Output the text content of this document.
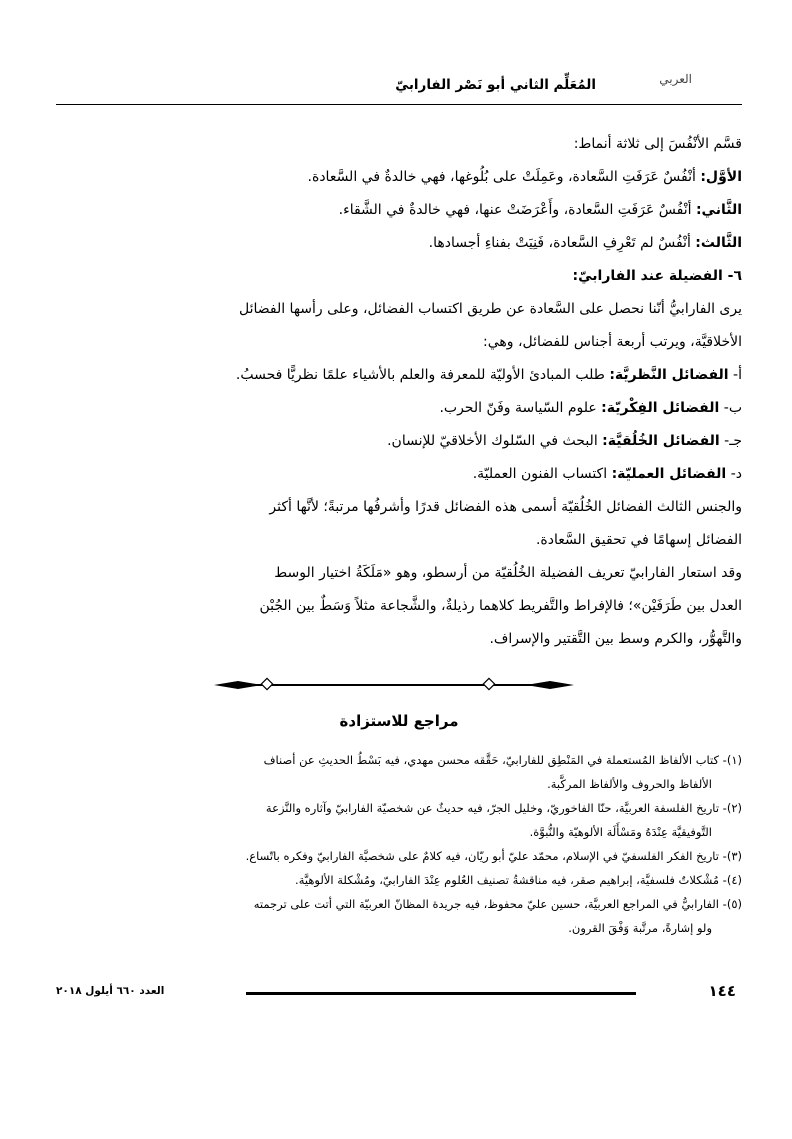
العربي
المُعَلِّم الثاني أبو نَصْر الفارابيّ

قسَّم الأنْفُسَ إلى ثلاثة أنماط:

الأوَّل: أنْفُسٌ عَرَفَتِ السَّعادة، وعَمِلَتْ على بُلُوغها، فهي خالدةٌ في السَّعادة.

الثَّاني: أنْفُسٌ عَرَفَتِ السَّعادة، وأَعْرَضَتْ عنها، فهي خالدةٌ في الشَّقاء.

الثَّالث: أنْفُسٌ لم تَعْرِفِ السَّعادة، فَنِيَتْ بفناءِ أجسادها.

٦- الفضيلة عند الفارابيّ:

يرى الفارابيُّ أنّنا نحصل على السَّعادة عن طريق اكتساب الفضائل، وعلى رأسها الفضائل

الأخلاقيَّة، ويرتب أربعة أجناس للفضائل، وهي:

أ- الفضائل النَّظريَّة: طلب المبادئ الأوليّة للمعرفة والعلم بالأشياء علمًا نظريًّا فحسبُ.

ب- الفضائل الفِكْريّة: علوم السّياسة وفَنّ الحرب.

جـ- الفضائل الخُلُقيَّة: البحث في السّلوك الأخلاقيّ للإنسان.

د- الفضائل العمليّة: اكتساب الفنون العمليّة.

والجنس الثالث الفضائل الخُلُقيّة أسمى هذه الفضائل قدرًا وأشرفُها مرتبةً؛ لأنَّها أكثر

الفضائل إسهامًا في تحقيق السَّعادة.

وقد استعار الفارابيّ تعريف الفضيلة الخُلُقيّة من أرسطو، وهو «مَلَكَةُ اختيار الوسط

العدل بين طَرَفَيْن»؛ فالإفراط والتَّفريط كلاهما رذيلةٌ، والشَّجاعة مثلاً وَسَطٌ بين الجُبْن

والتَّهوُّر، والكرم وسط بين التَّقتير والإسراف.

مراجع للاستزادة
(١)- كتاب الألفاظ المُستعملة في المَنْطِق للفارابيّ، حَقَّقه محسن مهدي، فيه بَسْطُ الحديثِ عن أصناف
الألفاظ والحروف والألفاظ المركَّبة.
(٢)- تاريخ الفلسفة العربيَّة، حنّا الفاخوريّ، وخليل الجرّ، فيه حديثٌ عن شخصيّة الفارابيّ وآثاره والنَّزعة
التَّوفيقيَّة عِنْدَهُ ومَسْأَلَة الألوهيّة والنُّبوَّة.
(٣)- تاريخ الفكر الفلسفيّ في الإسلام، محمّد عليّ أبو ريّان، فيه كلامٌ على شخصيَّة الفارابيّ وفكره باتّساع.
(٤)- مُشْكلاتٌ فلسفيَّة، إبراهيم صقر، فيه مناقشةُ تصنيف العُلوم عِنْدَ الفارابيّ، ومُشْكلة الألوهيَّة.
(٥)- الفارابيُّ في المراجع العربيَّة، حسين عليّ محفوظ، فيه جريدة المظانّ العربيّة التي أتت على ترجمته
ولو إشارةً، مرتَّبة وَفْقَ القرون.
١٤٤
العدد ٦٦٠ أيلول ٢٠١٨
